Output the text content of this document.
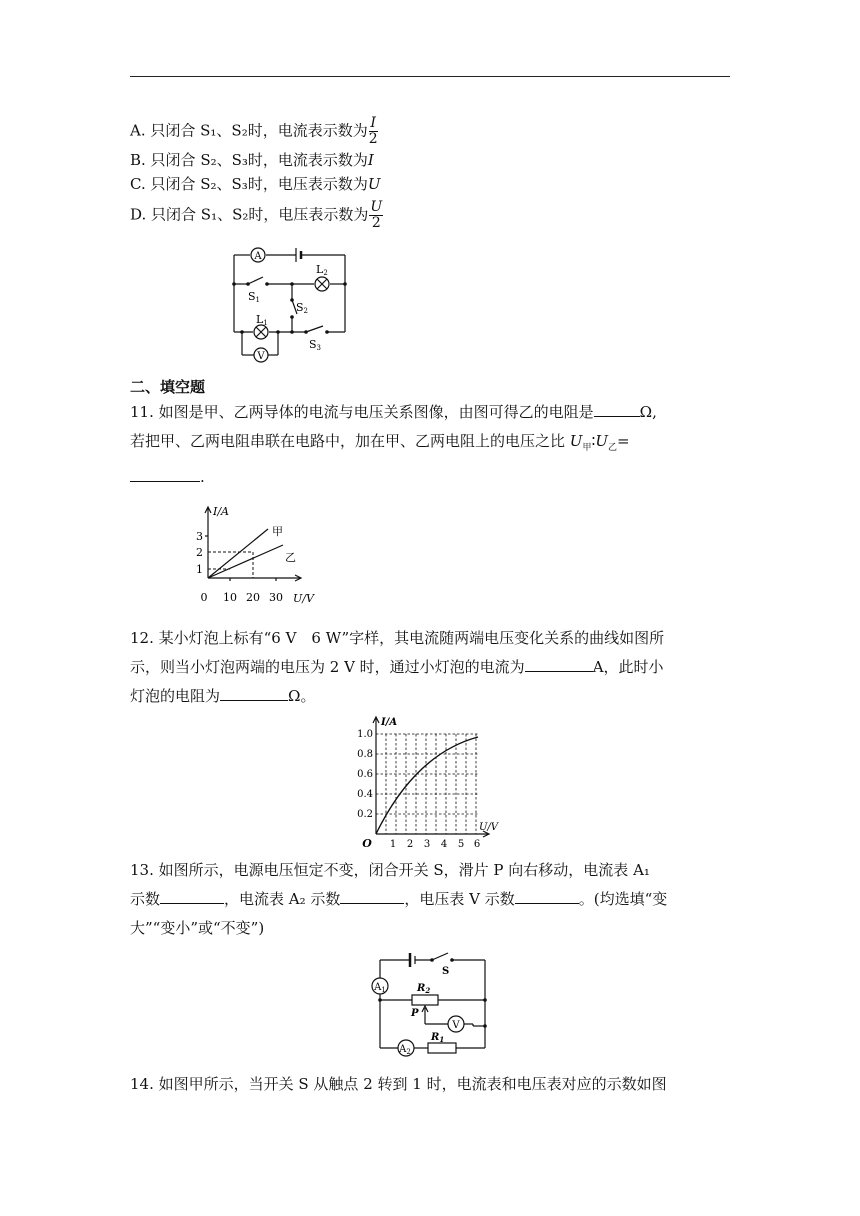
A. 只闭合 S₁、S₂时，电流表示数为 $\frac{I}{2}$
B. 只闭合 S₂、S₃时，电流表示数为I
C. 只闭合 S₂、S₃时，电压表示数为U
D. 只闭合 S₁、S₂时，电压表示数为 $\frac{U}{2}$
A
V
L2
S1
S2
L1
S3
二、填空题
11. 如图是甲、乙两导体的电流与电压关系图像，由图可得乙的电阻是	Ω,
若把甲、乙两电阻串联在电路中，加在甲、乙两电阻上的电压之比 $U_甲∶U_乙=$
.
I/A
U/V
0
1
2
3
10 20 30
甲
乙
12. 某小灯泡上标有“6 V　6 W”字样，其电流随两端电压变化关系的曲线如图所
示，则当小灯泡两端的电压为 2 V 时，通过小灯泡的电流为	A，此时小
灯泡的电阻为	Ω。
I/A
U/V
O
0.2
0.4
0.6
0.8
1.0
1 2 3 4 5 6
13. 如图所示，电源电压恒定不变，闭合开关 S，滑片 P 向右移动，电流表 A₁
示数	，电流表 A₂ 示数	，电压表 V 示数	。(均选填“变
大”“变小”或“不变”)
$A_1$
$A_2$
V
S
$R_2$
$R_1$
P
14. 如图甲所示，当开关 S 从触点 2 转到 1 时，电流表和电压表对应的示数如图
